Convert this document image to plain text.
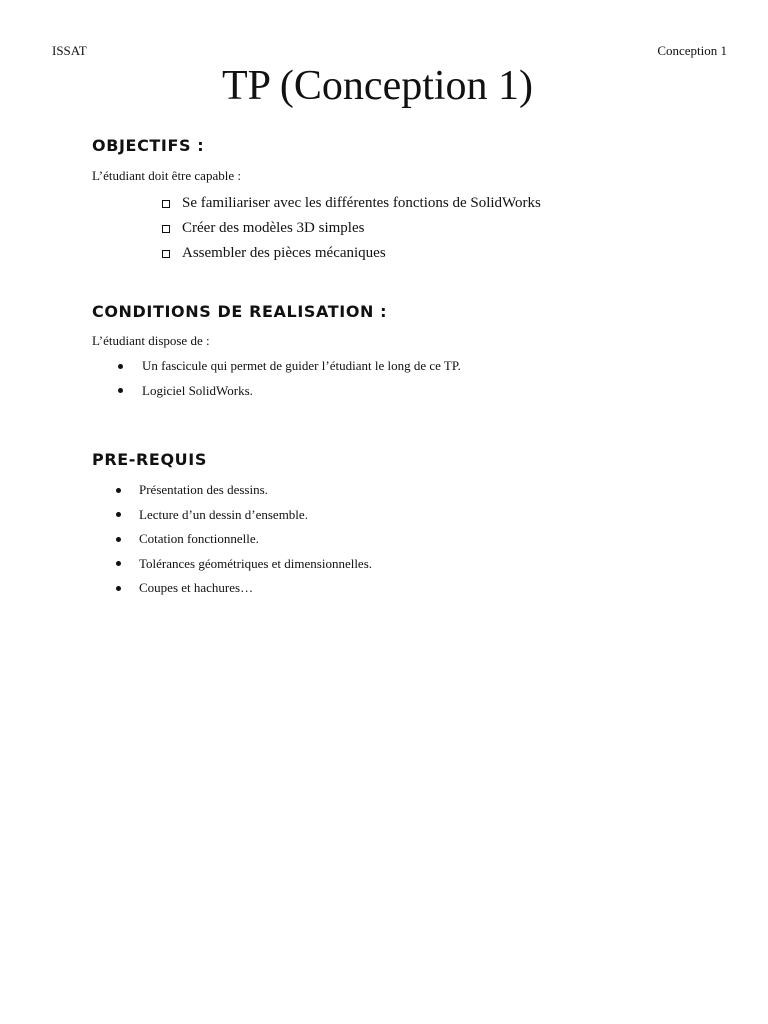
ISSAT	Conception 1
TP (Conception 1)
OBJECTIFS :
L’étudiant doit être capable :
Se familiariser avec les différentes fonctions de SolidWorks
Créer des modèles 3D simples
Assembler des pièces mécaniques
CONDITIONS DE REALISATION :
L’étudiant dispose de :
Un fascicule qui permet de guider l’étudiant le long de ce TP.
Logiciel SolidWorks.
PRE-REQUIS
Présentation des dessins.
Lecture d’un dessin d’ensemble.
Cotation fonctionnelle.
Tolérances géométriques et dimensionnelles.
Coupes et hachures…
